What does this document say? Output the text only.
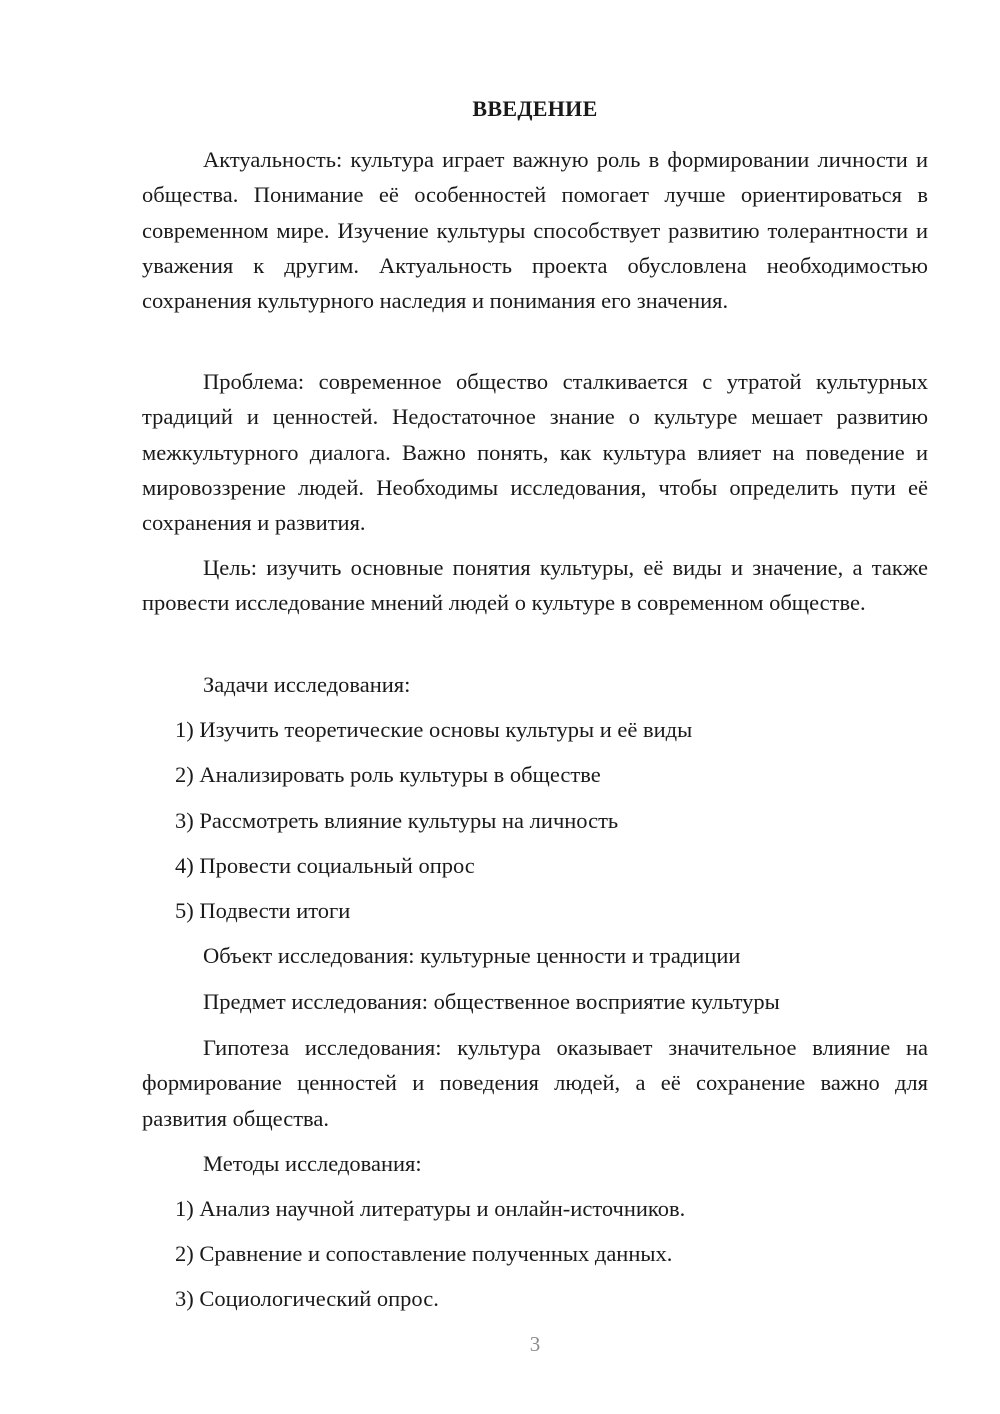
ВВЕДЕНИЕ

Актуальность: культура играет важную роль в формировании личности и общества. Понимание её особенностей помогает лучше ориентироваться в современном мире. Изучение культуры способствует развитию толерантности и уважения к другим. Актуальность проекта обусловлена необходимостью сохранения культурного наследия и понимания его значения.

Проблема: современное общество сталкивается с утратой культурных традиций и ценностей. Недостаточное знание о культуре мешает развитию межкультурного диалога. Важно понять, как культура влияет на поведение и мировоззрение людей. Необходимы исследования, чтобы определить пути её сохранения и развития.

Цель: изучить основные понятия культуры, её виды и значение, а также провести исследование мнений людей о культуре в современном обществе.

Задачи исследования:

1) Изучить теоретические основы культуры и её виды

2) Анализировать роль культуры в обществе

3) Рассмотреть влияние культуры на личность

4) Провести социальный опрос

5) Подвести итоги

Объект исследования: культурные ценности и традиции

Предмет исследования: общественное восприятие культуры

Гипотеза исследования: культура оказывает значительное влияние на формирование ценностей и поведения людей, а её сохранение важно для развития общества.

Методы исследования:

1) Анализ научной литературы и онлайн-источников.

2) Сравнение и сопоставление полученных данных.

3) Социологический опрос.

3
